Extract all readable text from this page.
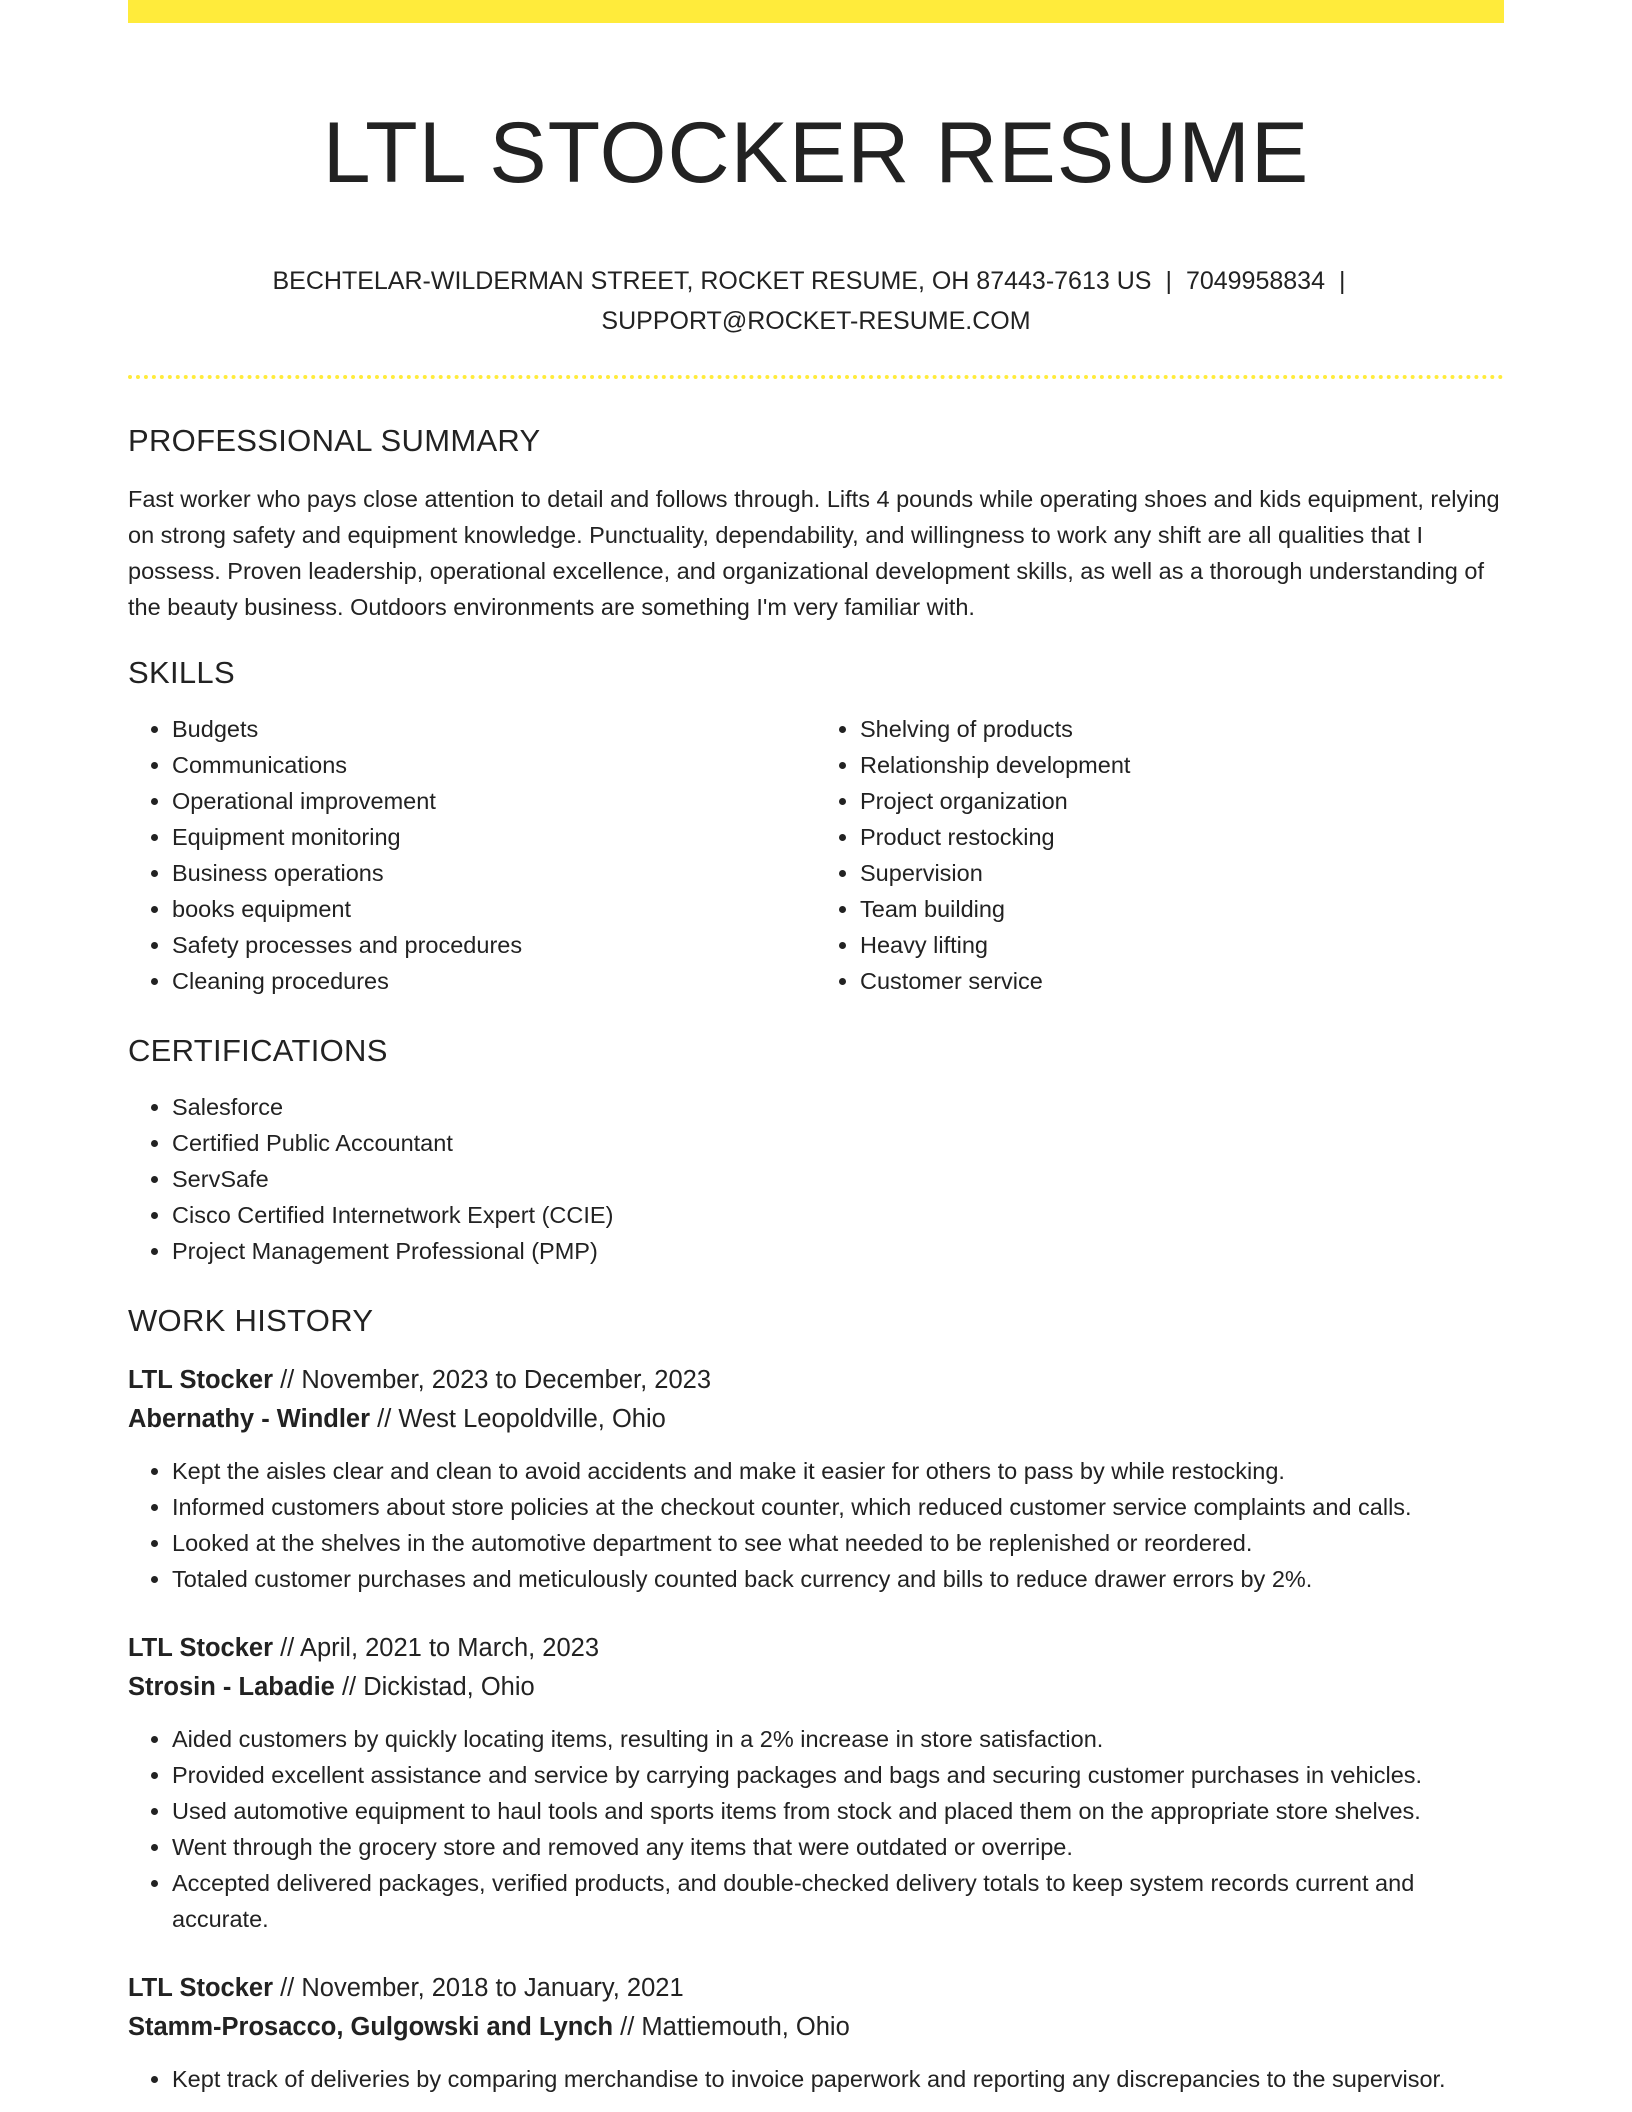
LTL STOCKER RESUME
BECHTELAR-WILDERMAN STREET, ROCKET RESUME, OH 87443-7613 US | 7049958834 |
SUPPORT@ROCKET-RESUME.COM
PROFESSIONAL SUMMARY

Fast worker who pays close attention to detail and follows through. Lifts 4 pounds while operating shoes and kids equipment, relying on strong safety and equipment knowledge. Punctuality, dependability, and willingness to work any shift are all qualities that I possess. Proven leadership, operational excellence, and organizational development skills, as well as a thorough understanding of the beauty business. Outdoors environments are something I'm very familiar with.

SKILLS
• Budgets
• Communications
• Operational improvement
• Equipment monitoring
• Business operations
• books equipment
• Safety processes and procedures
• Cleaning procedures
• Shelving of products
• Relationship development
• Project organization
• Product restocking
• Supervision
• Team building
• Heavy lifting
• Customer service
CERTIFICATIONS
• Salesforce
• Certified Public Accountant
• ServSafe
• Cisco Certified Internetwork Expert (CCIE)
• Project Management Professional (PMP)
WORK HISTORY
LTL Stocker // November, 2023 to December, 2023
Abernathy - Windler // West Leopoldville, Ohio
• Kept the aisles clear and clean to avoid accidents and make it easier for others to pass by while restocking.
• Informed customers about store policies at the checkout counter, which reduced customer service complaints and calls.
• Looked at the shelves in the automotive department to see what needed to be replenished or reordered.
• Totaled customer purchases and meticulously counted back currency and bills to reduce drawer errors by 2%.
LTL Stocker // April, 2021 to March, 2023
Strosin - Labadie // Dickistad, Ohio
• Aided customers by quickly locating items, resulting in a 2% increase in store satisfaction.
• Provided excellent assistance and service by carrying packages and bags and securing customer purchases in vehicles.
• Used automotive equipment to haul tools and sports items from stock and placed them on the appropriate store shelves.
• Went through the grocery store and removed any items that were outdated or overripe.
• Accepted delivered packages, verified products, and double-checked delivery totals to keep system records current and accurate.
LTL Stocker // November, 2018 to January, 2021
Stamm-Prosacco, Gulgowski and Lynch // Mattiemouth, Ohio
• Kept track of deliveries by comparing merchandise to invoice paperwork and reporting any discrepancies to the supervisor.
